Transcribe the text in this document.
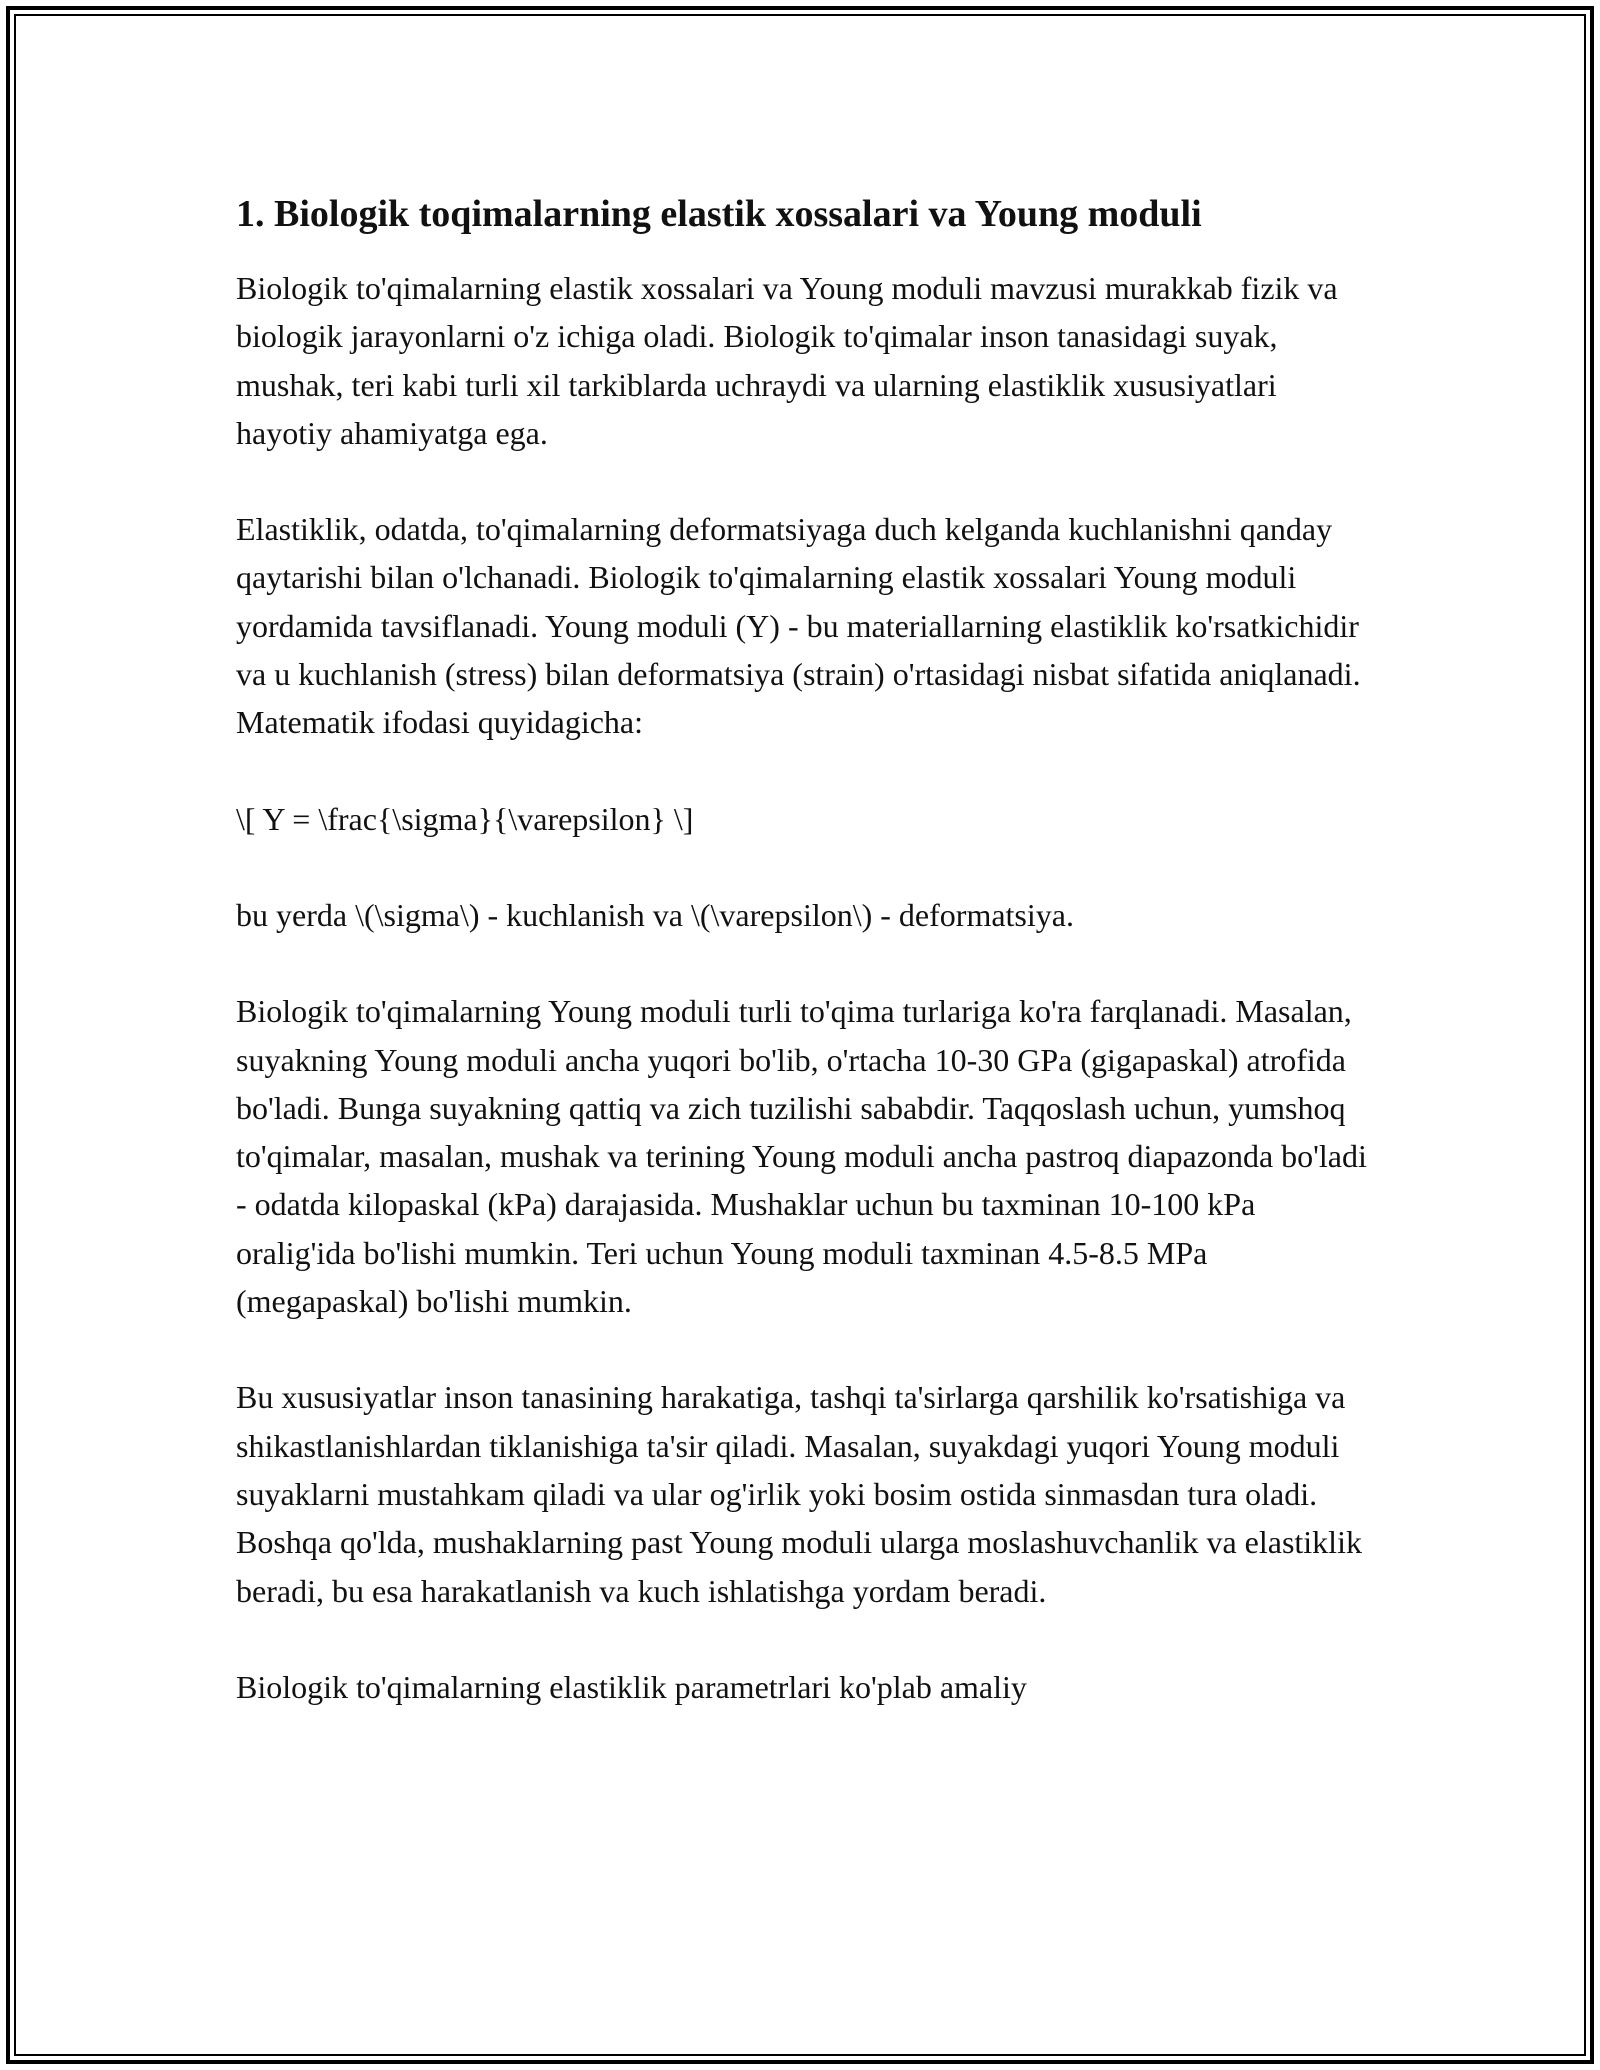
1. Biologik toqimalarning elastik xossalari va Young moduli

Biologik to'qimalarning elastik xossalari va Young moduli mavzusi murakkab fizik va biologik jarayonlarni o'z ichiga oladi. Biologik to'qimalar inson tanasidagi suyak, mushak, teri kabi turli xil tarkiblarda uchraydi va ularning elastiklik xususiyatlari hayotiy ahamiyatga ega.

Elastiklik, odatda, to'qimalarning deformatsiyaga duch kelganda kuchlanishni qanday qaytarishi bilan o'lchanadi. Biologik to'qimalarning elastik xossalari Young moduli yordamida tavsiflanadi. Young moduli (Y) - bu materiallarning elastiklik ko'rsatkichidir va u kuchlanish (stress) bilan deformatsiya (strain) o'rtasidagi nisbat sifatida aniqlanadi. Matematik ifodasi quyidagicha:

\[ Y = \frac{\sigma}{\varepsilon} \]

bu yerda \(\sigma\) - kuchlanish va \(\varepsilon\) - deformatsiya.

Biologik to'qimalarning Young moduli turli to'qima turlariga ko'ra farqlanadi. Masalan, suyakning Young moduli ancha yuqori bo'lib, o'rtacha 10-30 GPa (gigapaskal) atrofida bo'ladi. Bunga suyakning qattiq va zich tuzilishi sababdir. Taqqoslash uchun, yumshoq to'qimalar, masalan, mushak va terining Young moduli ancha pastroq diapazonda bo'ladi - odatda kilopaskal (kPa) darajasida. Mushaklar uchun bu taxminan 10-100 kPa oralig'ida bo'lishi mumkin. Teri uchun Young moduli taxminan 4.5-8.5 MPa (megapaskal) bo'lishi mumkin.

Bu xususiyatlar inson tanasining harakatiga, tashqi ta'sirlarga qarshilik ko'rsatishiga va shikastlanishlardan tiklanishiga ta'sir qiladi. Masalan, suyakdagi yuqori Young moduli suyaklarni mustahkam qiladi va ular og'irlik yoki bosim ostida sinmasdan tura oladi. Boshqa qo'lda, mushaklarning past Young moduli ularga moslashuvchanlik va elastiklik beradi, bu esa harakatlanish va kuch ishlatishga yordam beradi.

Biologik to'qimalarning elastiklik parametrlari ko'plab amaliy
